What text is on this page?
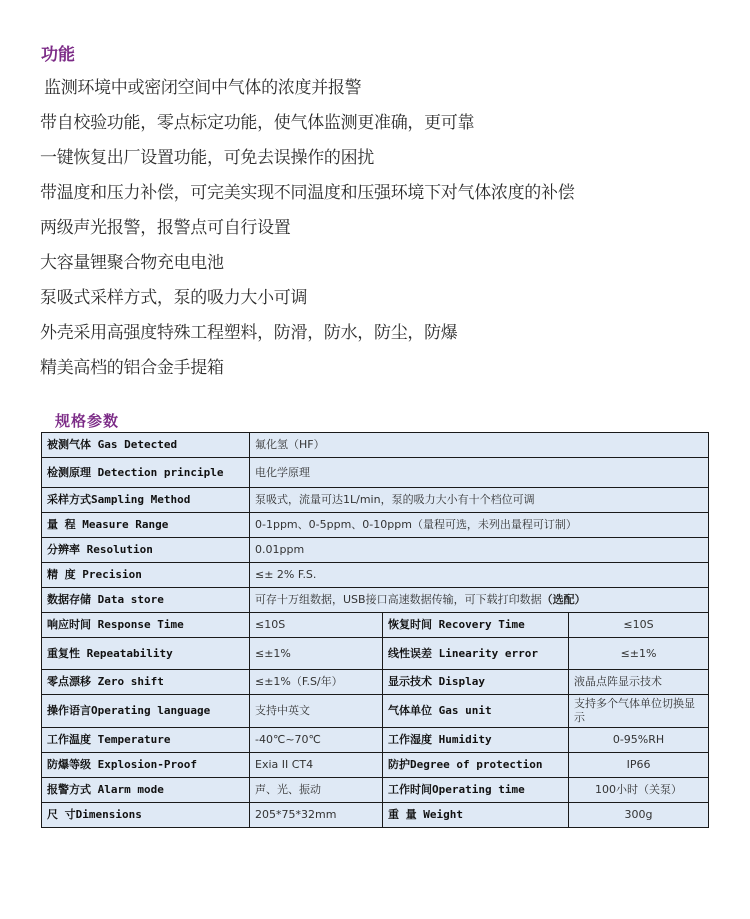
功能
监测环境中或密闭空间中气体的浓度并报警
带自校验功能，零点标定功能，使气体监测更准确，更可靠
一键恢复出厂设置功能，可免去误操作的困扰
带温度和压力补偿，可完美实现不同温度和压强环境下对气体浓度的补偿
两级声光报警，报警点可自行设置
大容量锂聚合物充电电池
泵吸式采样方式，泵的吸力大小可调
外壳采用高强度特殊工程塑料，防滑，防水，防尘，防爆
精美高档的铝合金手提箱
规格参数
被测气体 Gas Detected	氟化氢（HF）		
检测原理 Detection principle	电化学原理		
采样方式Sampling Method	泵吸式，流量可达1L/min，泵的吸力大小有十个档位可调		
量 程 Measure Range	0-1ppm、0-5ppm、0-10ppm（量程可选，未列出量程可订制）		
分辨率 Resolution	0.01ppm		
精 度 Precision	≤± 2% F.S.		
数据存储 Data store	可存十万组数据，USB接口高速数据传输，可下载打印数据（选配）		
响应时间 Response Time	≤10S	恢复时间 Recovery Time	≤10S
重复性 Repeatability	≤±1%	线性误差 Linearity error	≤±1%
零点漂移 Zero shift	≤±1%（F.S/年）	显示技术 Display	液晶点阵显示技术
操作语言Operating language	支持中英文	气体单位 Gas unit	支持多个气体单位切换显示
工作温度 Temperature	-40℃~70℃	工作湿度 Humidity	0-95%RH
防爆等级 Explosion-Proof	Exia II CT4	防护Degree of protection	IP66
报警方式 Alarm mode	声、光、振动	工作时间Operating time	100小时（关泵）
尺 寸Dimensions	205*75*32mm	重 量 Weight	300g
